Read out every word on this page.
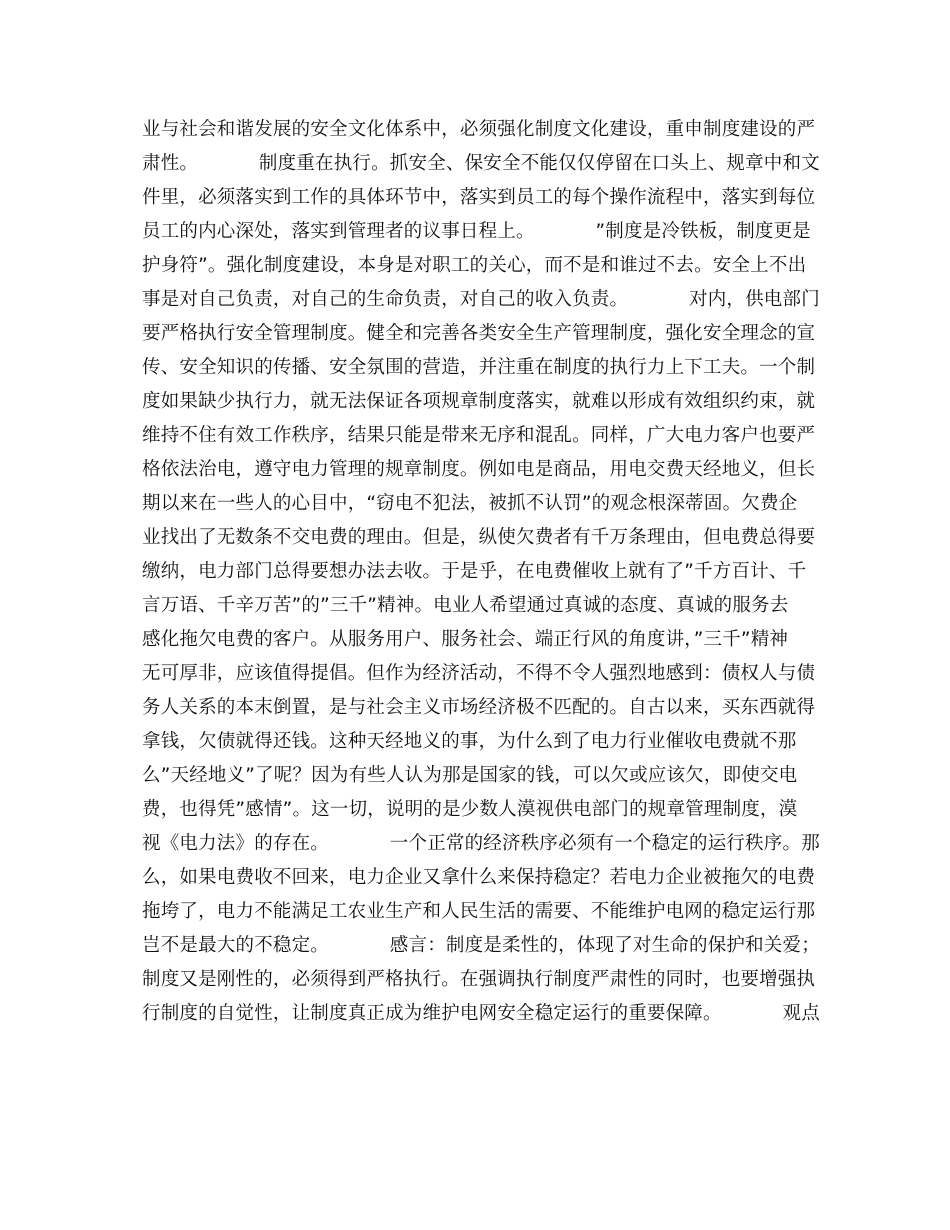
业与社会和谐发展的安全文化体系中，必须强化制度文化建设，重申制度建设的严
肃性。          制度重在执行。抓安全、保安全不能仅仅停留在口头上、规章中和文
件里，必须落实到工作的具体环节中，落实到员工的每个操作流程中，落实到每位
员工的内心深处，落实到管理者的议事日程上。          ”制度是冷铁板，制度更是
护身符”。强化制度建设，本身是对职工的关心，而不是和谁过不去。安全上不出
事是对自己负责，对自己的生命负责，对自己的收入负责。          对内，供电部门
要严格执行安全管理制度。健全和完善各类安全生产管理制度，强化安全理念的宣
传、安全知识的传播、安全氛围的营造，并注重在制度的执行力上下工夫。一个制
度如果缺少执行力，就无法保证各项规章制度落实，就难以形成有效组织约束，就
维持不住有效工作秩序，结果只能是带来无序和混乱。同样，广大电力客户也要严
格依法治电，遵守电力管理的规章制度。例如电是商品，用电交费天经地义，但长
期以来在一些人的心目中，“窃电不犯法，被抓不认罚”的观念根深蒂固。欠费企
业找出了无数条不交电费的理由。但是，纵使欠费者有千万条理由，但电费总得要
缴纳，电力部门总得要想办法去收。于是乎，在电费催收上就有了”千方百计、千
言万语、千辛万苦”的”三千”精神。电业人希望通过真诚的态度、真诚的服务去
感化拖欠电费的客户。从服务用户、服务社会、端正行风的角度讲，”三千”精神
无可厚非，应该值得提倡。但作为经济活动，不得不令人强烈地感到：债权人与债
务人关系的本末倒置，是与社会主义市场经济极不匹配的。自古以来，买东西就得
拿钱，欠债就得还钱。这种天经地义的事，为什么到了电力行业催收电费就不那
么”天经地义”了呢？因为有些人认为那是国家的钱，可以欠或应该欠，即使交电
费，也得凭”感情”。这一切，说明的是少数人漠视供电部门的规章管理制度，漠
视《电力法》的存在。          一个正常的经济秩序必须有一个稳定的运行秩序。那
么，如果电费收不回来，电力企业又拿什么来保持稳定？若电力企业被拖欠的电费
拖垮了，电力不能满足工农业生产和人民生活的需要、不能维护电网的稳定运行那
岂不是最大的不稳定。          感言：制度是柔性的，体现了对生命的保护和关爱；
制度又是刚性的，必须得到严格执行。在强调执行制度严肃性的同时，也要增强执
行制度的自觉性，让制度真正成为维护电网安全稳定运行的重要保障。          观点
